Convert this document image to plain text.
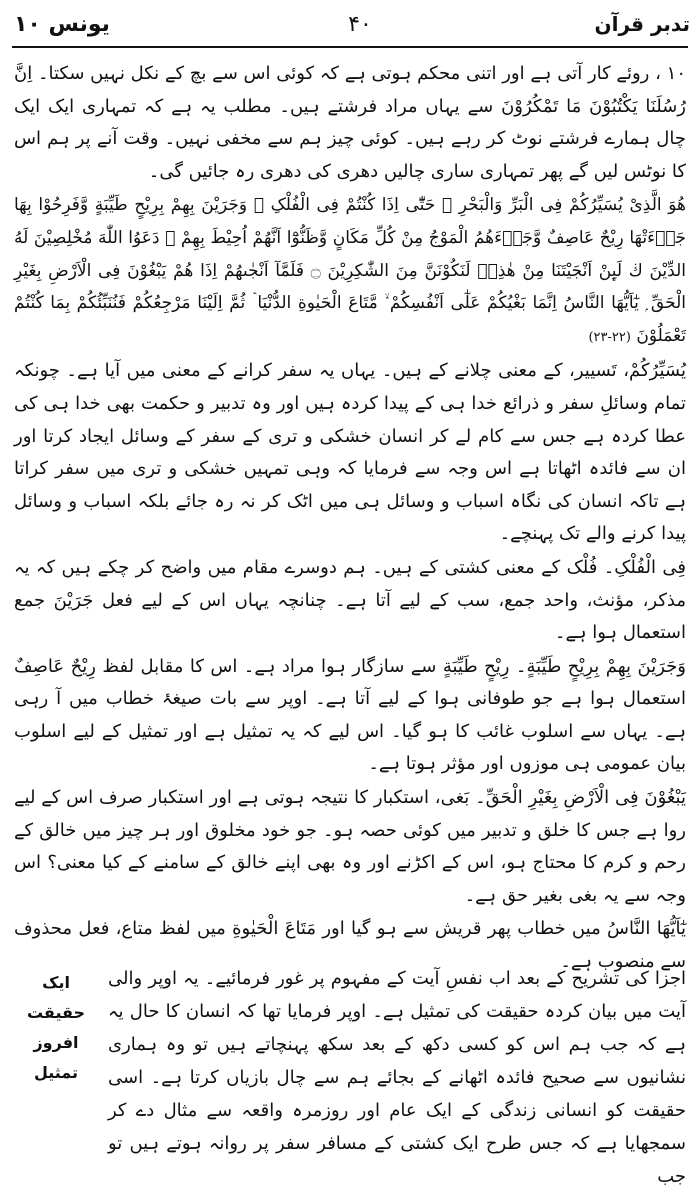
یونس ۱۰	۴۰	تدبر قرآن

۱۰ ، روئے کار آتی ہے اور اتنی محکم ہوتی ہے کہ کوئی اس سے بچ کے نکل نہیں سکتا۔ اِنَّ رُسُلَنَا یَکْتُبُوْنَ مَا تَمْکُرُوْنَ سے یہاں مراد فرشتے ہیں۔ مطلب یہ ہے کہ تمہاری ایک ایک چال ہمارے فرشتے نوٹ کر رہے ہیں۔ کوئی چیز ہم سے مخفی نہیں۔ وقت آنے پر ہم اس کا نوٹس لیں گے پھر تمہاری ساری چالیں دھری کی دھری رہ جائیں گی۔

هُوَ الَّذِیْ یُسَیِّرُکُمْ فِی الْبَرِّ وَالْبَحْرِ ۭ حَتّٰٓی اِذَا کُنْتُمْ فِی الْفُلْکِ ۚ وَجَرَیْنَ بِهِمْ بِرِیْحٍ طَیِّبَةٍ وَّفَرِحُوْا بِهَا جَاۗءَتْهَا رِیْحٌ عَاصِفٌ وَّجَاۗءَهُمُ الْمَوْجُ مِنْ کُلِّ مَکَانٍ وَّظَنُّوْٓا اَنَّهُمْ اُحِیْطَ بِهِمْ ۙ دَعَوُا اللّٰهَ مُخْلِصِیْنَ لَهُ الدِّیْنَ ڬ لَىِٕنْ اَنْجَیْتَنَا مِنْ هٰذِهٖ لَنَکُوْنَنَّ مِنَ الشّٰکِرِیْنَ ۝ فَلَمَّآ اَنْجٰىهُمْ اِذَا هُمْ یَبْغُوْنَ فِی الْاَرْضِ بِغَیْرِ الْحَقِّ ۭ یٰٓاَیُّهَا النَّاسُ اِنَّمَا بَغْیُکُمْ عَلٰٓی اَنْفُسِکُمْ ۙ مَّتَاعَ الْحَیٰوةِ الدُّنْیَا ۡ ثُمَّ اِلَیْنَا مَرْجِعُکُمْ فَنُنَبِّئُکُمْ بِمَا کُنْتُمْ تَعْمَلُوْنَ (۲۲-۲۳)

یُسَیِّرُکُمْ، تَسییر، کے معنی چلانے کے ہیں۔ یہاں یہ سفر کرانے کے معنی میں آیا ہے۔ چونکہ تمام وسائلِ سفر و ذرائع خدا ہی کے پیدا کردہ ہیں اور وہ تدبیر و حکمت بھی خدا ہی کی عطا کردہ ہے جس سے کام لے کر انسان خشکی و تری کے سفر کے وسائل ایجاد کرتا اور ان سے فائدہ اٹھاتا ہے اس وجہ سے فرمایا کہ وہی تمہیں خشکی و تری میں سفر کراتا ہے تاکہ انسان کی نگاہ اسباب و وسائل ہی میں اٹک کر نہ رہ جائے بلکہ اسباب و وسائل پیدا کرنے والے تک پہنچے۔

فِی الْفُلْکِ۔ فُلْک کے معنی کشتی کے ہیں۔ ہم دوسرے مقام میں واضح کر چکے ہیں کہ یہ مذکر، مؤنث، واحد جمع، سب کے لیے آتا ہے۔ چنانچہ یہاں اس کے لیے فعل جَرَیْنَ جمع استعمال ہوا ہے۔

وَجَرَیْنَ بِهِمْ بِرِیْحٍ طَیِّبَةٍ۔ رِیْحٍ طَیِّبَةٍ سے سازگار ہوا مراد ہے۔ اس کا مقابل لفظ رِیْحٌ عَاصِفٌ استعمال ہوا ہے جو طوفانی ہوا کے لیے آتا ہے۔ اوپر سے بات صیغۂ خطاب میں آ رہی ہے۔ یہاں سے اسلوب غائب کا ہو گیا۔ اس لیے کہ یہ تمثیل ہے اور تمثیل کے لیے اسلوب بیان عمومی ہی موزوں اور مؤثر ہوتا ہے۔

یَبْغُوْنَ فِی الْاَرْضِ بِغَیْرِ الْحَقِّ۔ بَغی، استکبار کا نتیجہ ہوتی ہے اور استکبار صرف اس کے لیے روا ہے جس کا خلق و تدبیر میں کوئی حصہ ہو۔ جو خود مخلوق اور ہر چیز میں خالق کے رحم و کرم کا محتاج ہو، اس کے اکڑنے اور وہ بھی اپنے خالق کے سامنے کے کیا معنی؟ اس وجہ سے یہ بغی بغیر حق ہے۔

یٰٓاَیُّهَا النَّاسُ میں خطاب پھر قریش سے ہو گیا اور مَتَاعَ الْحَیٰوةِ میں لفظ متاع، فعل محذوف سے منصوب ہے۔

اجزا کی تشریح کے بعد اب نفسِ آیت کے مفہوم پر غور فرمائیے۔ یہ اوپر والی آیت میں بیان کردہ حقیقت کی تمثیل ہے۔ اوپر فرمایا تھا کہ انسان کا حال یہ ہے کہ جب ہم اس کو کسی دکھ کے بعد سکھ پہنچاتے ہیں تو وہ ہماری نشانیوں سے صحیح فائدہ اٹھانے کے بجائے ہم سے چال بازیاں کرتا ہے۔ اسی حقیقت کو انسانی زندگی کے ایک عام اور روزمرہ واقعہ سے مثال دے کر سمجھایا ہے کہ جس طرح ایک کشتی کے مسافر سفر پر روانہ ہوتے ہیں تو جب
ایک حقیقت افروز تمثیل
